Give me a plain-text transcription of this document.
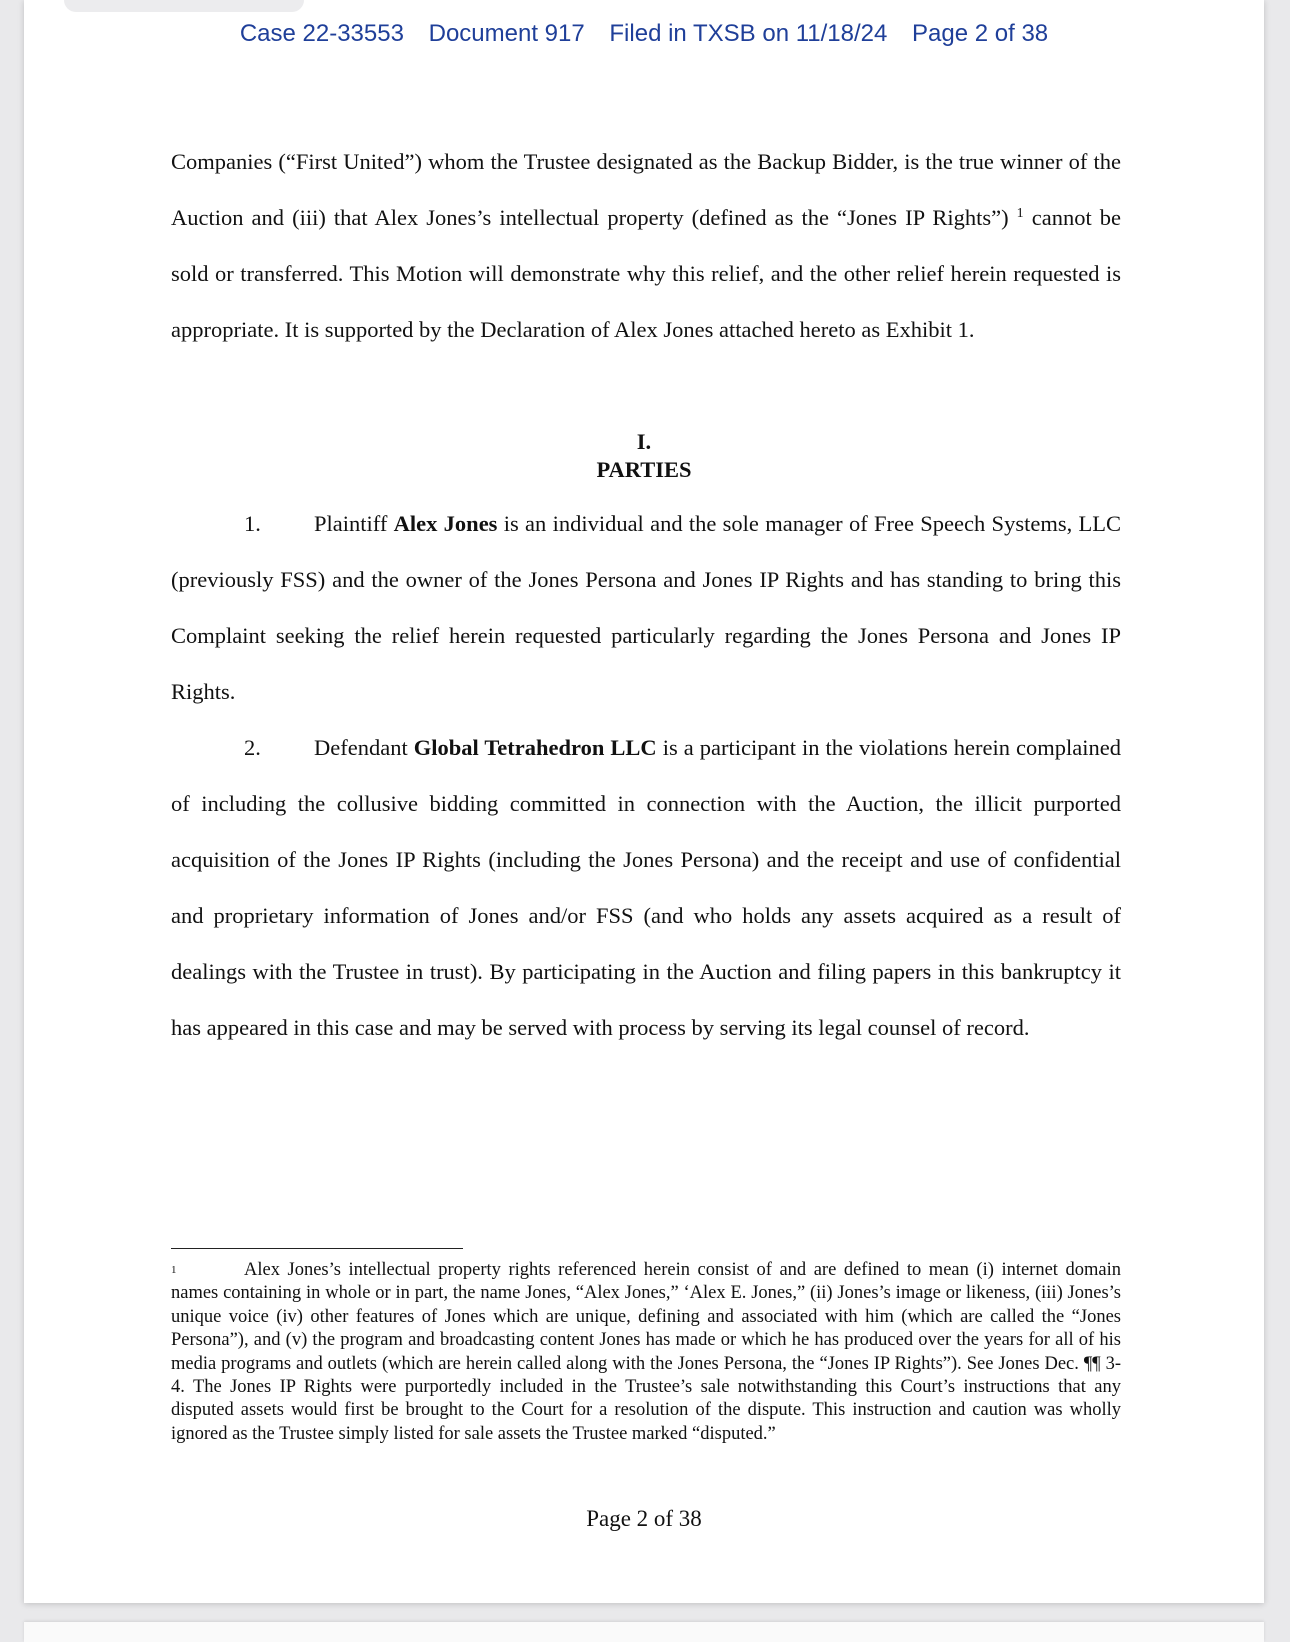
Case 22-33553 Document 917 Filed in TXSB on 11/18/24 Page 2 of 38
Companies (“First United”) whom the Trustee designated as the Backup Bidder, is the true winner of the Auction and (iii) that Alex Jones’s intellectual property (defined as the “Jones IP Rights”) $^1$ cannot be sold or transferred. This Motion will demonstrate why this relief, and the other relief herein requested is appropriate. It is supported by the Declaration of Alex Jones attached hereto as Exhibit 1.
I.
PARTIES
1. Plaintiff Alex Jones is an individual and the sole manager of Free Speech Systems, LLC (previously FSS) and the owner of the Jones Persona and Jones IP Rights and has standing to bring this Complaint seeking the relief herein requested particularly regarding the Jones Persona and Jones IP Rights.
2. Defendant Global Tetrahedron LLC is a participant in the violations herein complained of including the collusive bidding committed in connection with the Auction, the illicit purported acquisition of the Jones IP Rights (including the Jones Persona) and the receipt and use of confidential and proprietary information of Jones and/or FSS (and who holds any assets acquired as a result of dealings with the Trustee in trust). By participating in the Auction and filing papers in this bankruptcy it has appeared in this case and may be served with process by serving its legal counsel of record.
1	Alex Jones’s intellectual property rights referenced herein consist of and are defined to mean (i) internet domain names containing in whole or in part, the name Jones, “Alex Jones,” ‘Alex E. Jones,” (ii) Jones’s image or likeness, (iii) Jones’s unique voice (iv) other features of Jones which are unique, defining and associated with him (which are called the “Jones Persona”), and (v) the program and broadcasting content Jones has made or which he has produced over the years for all of his media programs and outlets (which are herein called along with the Jones Persona, the “Jones IP Rights”). See Jones Dec. ¶¶ 3-4. The Jones IP Rights were purportedly included in the Trustee’s sale notwithstanding this Court’s instructions that any disputed assets would first be brought to the Court for a resolution of the dispute. This instruction and caution was wholly ignored as the Trustee simply listed for sale assets the Trustee marked “disputed.”
Page 2 of 38
